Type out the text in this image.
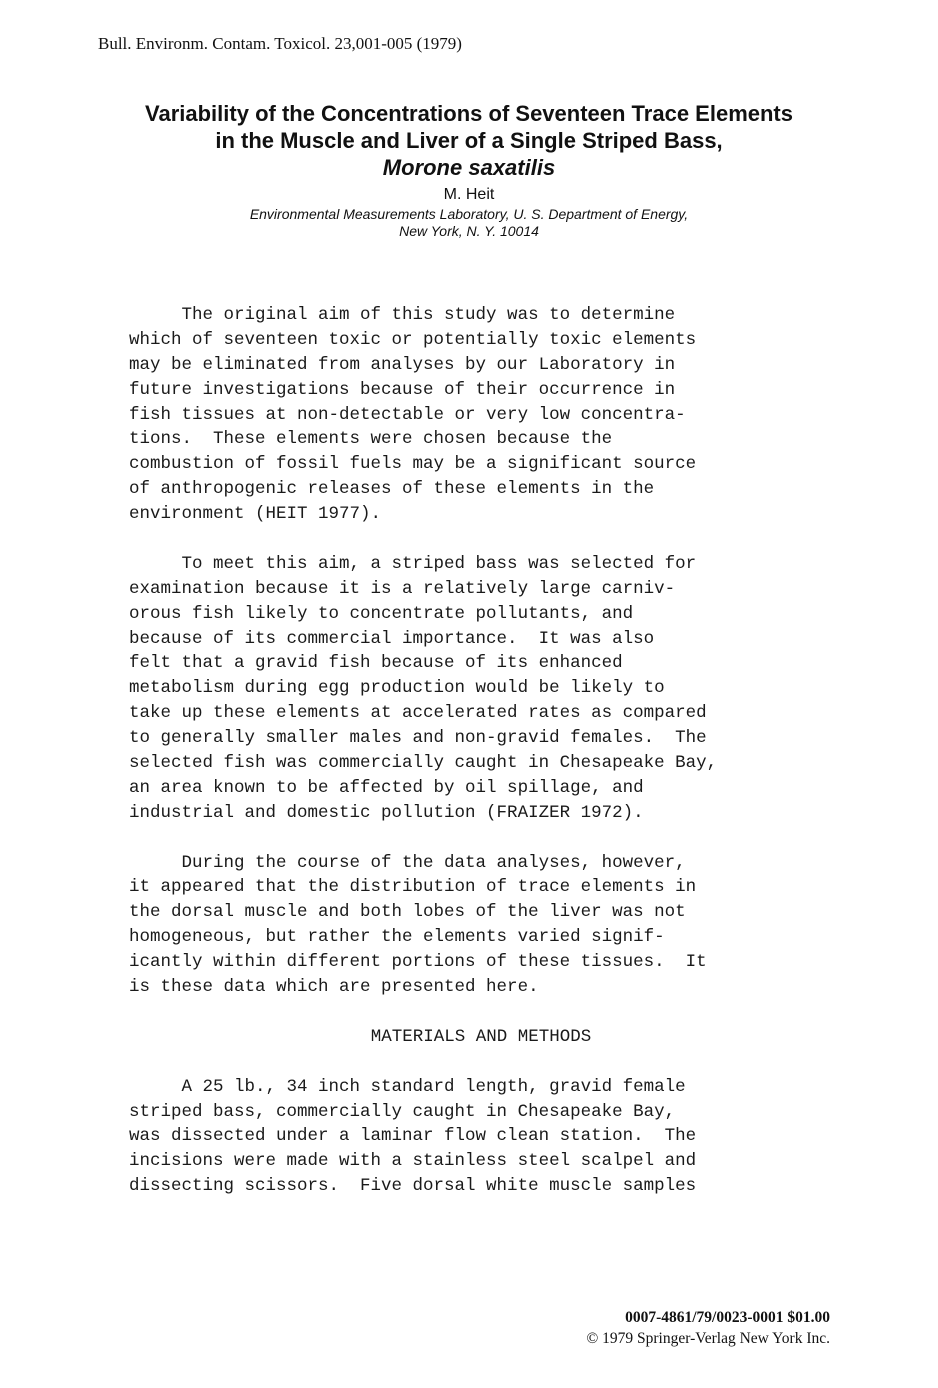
Bull. Environm. Contam. Toxicol. 23,001-005 (1979)
Variability of the Concentrations of Seventeen Trace Elements
in the Muscle and Liver of a Single Striped Bass,
Morone saxatilis
M. Heit
Environmental Measurements Laboratory, U. S. Department of Energy,
New York, N. Y. 10014
The original aim of this study was to determine
which of seventeen toxic or potentially toxic elements
may be eliminated from analyses by our Laboratory in
future investigations because of their occurrence in
fish tissues at non-detectable or very low concentra-
tions.  These elements were chosen because the
combustion of fossil fuels may be a significant source
of anthropogenic releases of these elements in the
environment (HEIT 1977).
To meet this aim, a striped bass was selected for
examination because it is a relatively large carniv-
orous fish likely to concentrate pollutants, and
because of its commercial importance.  It was also
felt that a gravid fish because of its enhanced
metabolism during egg production would be likely to
take up these elements at accelerated rates as compared
to generally smaller males and non-gravid females.  The
selected fish was commercially caught in Chesapeake Bay,
an area known to be affected by oil spillage, and
industrial and domestic pollution (FRAIZER 1972).
During the course of the data analyses, however,
it appeared that the distribution of trace elements in
the dorsal muscle and both lobes of the liver was not
homogeneous, but rather the elements varied signif-
icantly within different portions of these tissues.  It
is these data which are presented here.
MATERIALS AND METHODS
A 25 lb., 34 inch standard length, gravid female
striped bass, commercially caught in Chesapeake Bay,
was dissected under a laminar flow clean station.  The
incisions were made with a stainless steel scalpel and
dissecting scissors.  Five dorsal white muscle samples
0007-4861/79/0023-0001 $01.00
© 1979 Springer-Verlag New York Inc.
